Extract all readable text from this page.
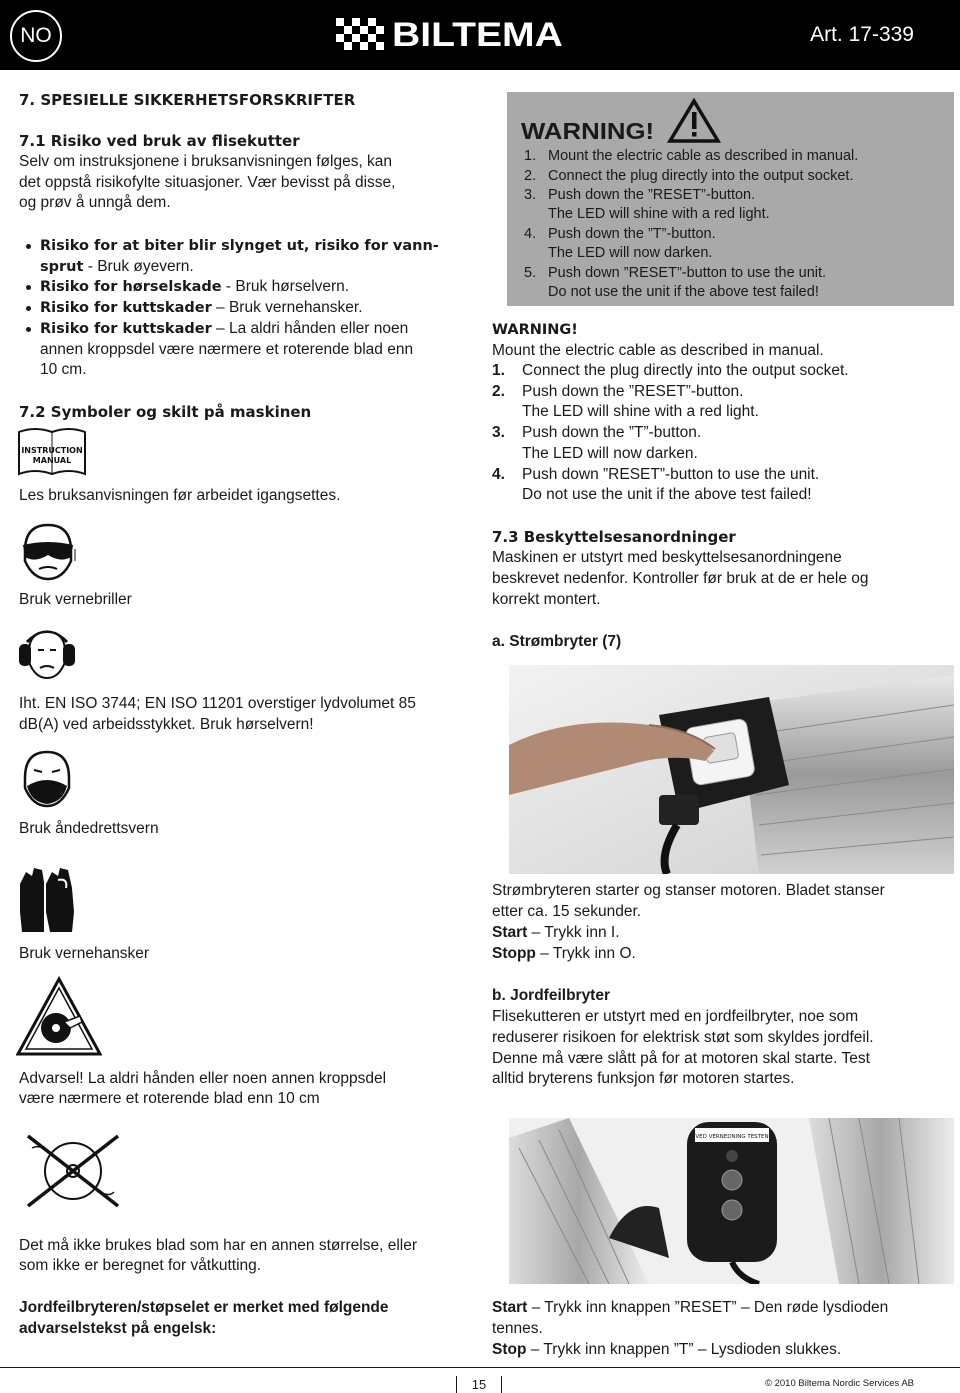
NO	BILTEMA	Art. 17-339
7. SPESIELLE SIKKERHETSFORSKRIFTER
7.1 Risiko ved bruk av flisekutter
Selv om instruksjonene i bruksanvisningen følges, kan
det oppstå risikofylte situasjoner. Vær bevisst på disse,
og prøv å unngå dem.
Risiko for at biter blir slynget ut, risiko for vann-
sprut - Bruk øyevern.
Risiko for hørselskade - Bruk hørselvern.
Risiko for kuttskader – Bruk vernehansker.
Risiko for kuttskader – La aldri hånden eller noen
annen kroppsdel være nærmere et roterende blad enn
10 cm.
7.2 Symboler og skilt på maskinen
INSTRUCTION
MANUAL
Les bruksanvisningen før arbeidet igangsettes.
Bruk vernebriller
Iht. EN ISO 3744; EN ISO 11201 overstiger lydvolumet 85
dB(A) ved arbeidsstykket. Bruk hørselvern!
Bruk åndedrettsvern
Bruk vernehansker
Advarsel! La aldri hånden eller noen annen kroppsdel
være nærmere et roterende blad enn 10 cm
Det må ikke brukes blad som har en annen størrelse, eller
som ikke er beregnet for våtkutting.
Jordfeilbryteren/støpselet er merket med følgende
advarselstekst på engelsk:
WARNING!
1. Mount the electric cable as described in manual.
2. Connect the plug directly into the output socket.
3. Push down the ”RESET”-button.
The LED will shine with a red light.
4. Push down the ”T”-button.
The LED will now darken.
5. Push down ”RESET”-button to use the unit.
Do not use the unit if the above test failed!
WARNING!
Mount the electric cable as described in manual.
1. Connect the plug directly into the output socket.
2. Push down the ”RESET”-button.
The LED will shine with a red light.
3. Push down the ”T”-button.
The LED will now darken.
4. Push down ”RESET”-button to use the unit.
Do not use the unit if the above test failed!
7.3 Beskyttelsesanordninger
Maskinen er utstyrt med beskyttelsesanordningene
beskrevet nedenfor. Kontroller før bruk at de er hele og
korrekt montert.
a. Strømbryter (7)
Strømbryteren starter og stanser motoren. Bladet stanser
etter ca. 15 sekunder.
Start – Trykk inn I.
Stopp – Trykk inn O.
b. Jordfeilbryter
Flisekutteren er utstyrt med en jordfeilbryter, noe som
reduserer risikoen for elektrisk støt som skyldes jordfeil.
Denne må være slått på for at motoren skal starte. Test
alltid bryterens funksjon før motoren startes.
VED VERNEDNING TESTEN
Start – Trykk inn knappen ”RESET” – Den røde lysdioden
tennes.
Stop – Trykk inn knappen ”T” – Lysdioden slukkes.
15	© 2010 Biltema Nordic Services AB
